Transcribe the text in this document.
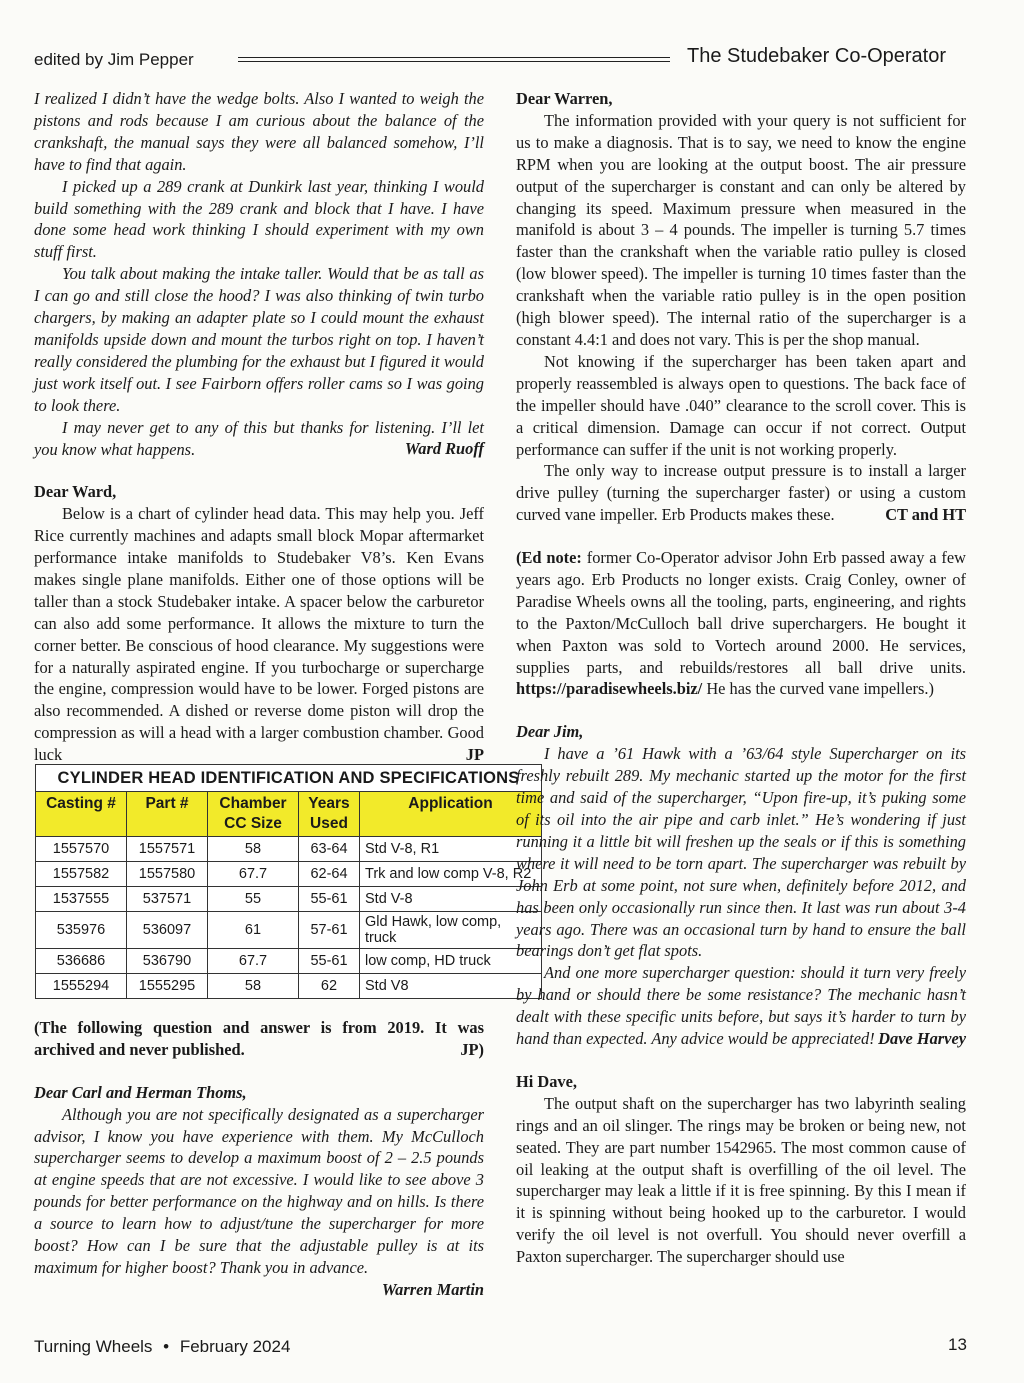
edited by Jim Pepper	The Studebaker Co-Operator

I realized I didn’t have the wedge bolts. Also I wanted to weigh the pistons and rods because I am curious about the balance of the crankshaft, the manual says they were all balanced somehow, I’ll have to find that again.

I picked up a 289 crank at Dunkirk last year, thinking I would build something with the 289 crank and block that I have. I have done some head work thinking I should experiment with my own stuff first.

You talk about making the intake taller. Would that be as tall as I can go and still close the hood? I was also thinking of twin turbo chargers, by making an adapter plate so I could mount the exhaust manifolds upside down and mount the turbos right on top. I haven’t really considered the plumbing for the exhaust but I figured it would just work itself out. I see Fairborn offers roller cams so I was going to look there.

I may never get to any of this but thanks for listening. I’ll let you know what happens.	Ward Ruoff

Dear Ward,

Below is a chart of cylinder head data. This may help you. Jeff Rice currently machines and adapts small block Mopar aftermarket performance intake manifolds to Studebaker V8’s. Ken Evans makes single plane manifolds. Either one of those options will be taller than a stock Studebaker intake. A spacer below the carburetor can also add some performance. It allows the mixture to turn the corner better. Be conscious of hood clearance. My suggestions were for a naturally aspirated engine. If you turbocharge or supercharge the engine, compression would have to be lower. Forged pistons are also recommended. A dished or reverse dome piston will drop the compression as will a head with a larger combustion chamber. Good luck	JP
CYLINDER HEAD IDENTIFICATION AND SPECIFICATIONS				
Casting #	Part #	Chamber CC Size	Years Used	Application
1557570	1557571	58	63-64	Std V-8, R1
1557582	1557580	67.7	62-64	Trk and low comp V-8, R2
1537555	537571	55	55-61	Std V-8
535976	536097	61	57-61	Gld Hawk, low comp, truck
536686	536790	67.7	55-61	low comp, HD truck
1555294	1555295	58	62	Std V8

(The following question and answer is from 2019. It was archived and never published.	JP)

Dear Carl and Herman Thoms,

Although you are not specifically designated as a supercharger advisor, I know you have experience with them. My McCulloch supercharger seems to develop a maximum boost of 2 – 2.5 pounds at engine speeds that are not excessive. I would like to see above 3 pounds for better performance on the highway and on hills. Is there a source to learn how to adjust/tune the supercharger for more boost? How can I be sure that the adjustable pulley is at its maximum for higher boost? Thank you in advance.

Warren Martin

Dear Warren,

The information provided with your query is not sufficient for us to make a diagnosis. That is to say, we need to know the engine RPM when you are looking at the output boost. The air pressure output of the supercharger is constant and can only be altered by changing its speed. Maximum pressure when measured in the manifold is about 3 – 4 pounds. The impeller is turning 5.7 times faster than the crankshaft when the variable ratio pulley is closed (low blower speed). The impeller is turning 10 times faster than the crankshaft when the variable ratio pulley is in the open position (high blower speed). The internal ratio of the supercharger is a constant 4.4:1 and does not vary. This is per the shop manual.

Not knowing if the supercharger has been taken apart and properly reassembled is always open to questions. The back face of the impeller should have .040” clearance to the scroll cover. This is a critical dimension. Damage can occur if not correct. Output performance can suffer if the unit is not working properly.

The only way to increase output pressure is to install a larger drive pulley (turning the supercharger faster) or using a custom curved vane impeller. Erb Products makes these.	CT and HT

(Ed note: former Co-Operator advisor John Erb passed away a few years ago. Erb Products no longer exists. Craig Conley, owner of Paradise Wheels owns all the tooling, parts, engineering, and rights to the Paxton/McCulloch ball drive superchargers. He bought it when Paxton was sold to Vortech around 2000. He services, supplies parts, and rebuilds/restores all ball drive units. https://paradisewheels.biz/ He has the curved vane impellers.)

Dear Jim,

I have a ’61 Hawk with a ’63/64 style Supercharger on its freshly rebuilt 289. My mechanic started up the motor for the first time and said of the supercharger, “Upon fire-up, it’s puking some of its oil into the air pipe and carb inlet.” He’s wondering if just running it a little bit will freshen up the seals or if this is something where it will need to be torn apart. The supercharger was rebuilt by John Erb at some point, not sure when, definitely before 2012, and has been only occasionally run since then. It last was run about 3-4 years ago. There was an occasional turn by hand to ensure the ball bearings don’t get flat spots.

And one more supercharger question: should it turn very freely by hand or should there be some resistance? The mechanic hasn’t dealt with these specific units before, but says it’s harder to turn by hand than expected. Any advice would be appreciated! Dave Harvey

Hi Dave,

The output shaft on the supercharger has two labyrinth sealing rings and an oil slinger. The rings may be broken or being new, not seated. They are part number 1542965. The most common cause of oil leaking at the output shaft is overfilling of the oil level. The supercharger may leak a little if it is free spinning. By this I mean if it is spinning without being hooked up to the carburetor. I would verify the oil level is not overfull. You should never overfill a Paxton supercharger. The supercharger should use

Turning Wheels • February 2024	13
